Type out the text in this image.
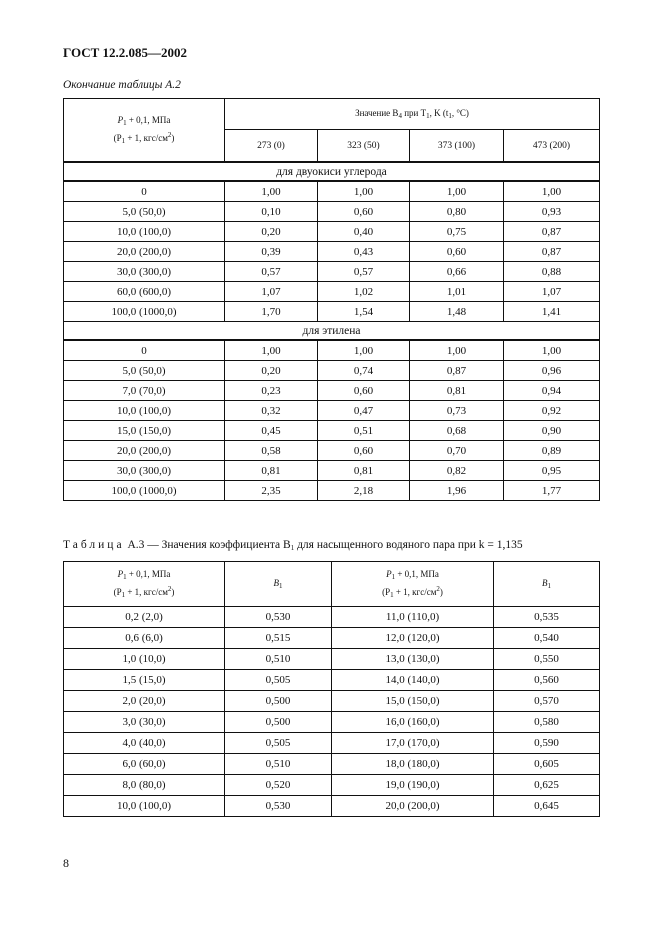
ГОСТ 12.2.085—2002
Окончание таблицы А.2
$P_1 + 0,1$, МПа
($P_1 + 1$, кгс/$см^2$)	Значение $B_4$ при $T_1$, K ($t_1$, °C)			
	273 (0)	323 (50)	373 (100)	473 (200)
для двуокиси углерода				
0	1,00	1,00	1,00	1,00
5,0 (50,0)	0,10	0,60	0,80	0,93
10,0 (100,0)	0,20	0,40	0,75	0,87
20,0 (200,0)	0,39	0,43	0,60	0,87
30,0 (300,0)	0,57	0,57	0,66	0,88
60,0 (600,0)	1,07	1,02	1,01	1,07
100,0 (1000,0)	1,70	1,54	1,48	1,41
для этилена				
0	1,00	1,00	1,00	1,00
5,0 (50,0)	0,20	0,74	0,87	0,96
7,0 (70,0)	0,23	0,60	0,81	0,94
10,0 (100,0)	0,32	0,47	0,73	0,92
15,0 (150,0)	0,45	0,51	0,68	0,90
20,0 (200,0)	0,58	0,60	0,70	0,89
30,0 (300,0)	0,81	0,81	0,82	0,95
100,0 (1000,0)	2,35	2,18	1,96	1,77
Таблица А.3 — Значения коэффициента $B_1$ для насыщенного водяного пара при k = 1,135
$P_1 + 0,1$, МПа
($P_1 + 1$, кгс/$см^2$)	$B_1$	$P_1 + 0,1$, МПа
($P_1 + 1$, кгс/$см^2$)	$B_1$
0,2 (2,0)	0,530	11,0 (110,0)	0,535
0,6 (6,0)	0,515	12,0 (120,0)	0,540
1,0 (10,0)	0,510	13,0 (130,0)	0,550
1,5 (15,0)	0,505	14,0 (140,0)	0,560
2,0 (20,0)	0,500	15,0 (150,0)	0,570
3,0 (30,0)	0,500	16,0 (160,0)	0,580
4,0 (40,0)	0,505	17,0 (170,0)	0,590
6,0 (60,0)	0,510	18,0 (180,0)	0,605
8,0 (80,0)	0,520	19,0 (190,0)	0,625
10,0 (100,0)	0,530	20,0 (200,0)	0,645
8
